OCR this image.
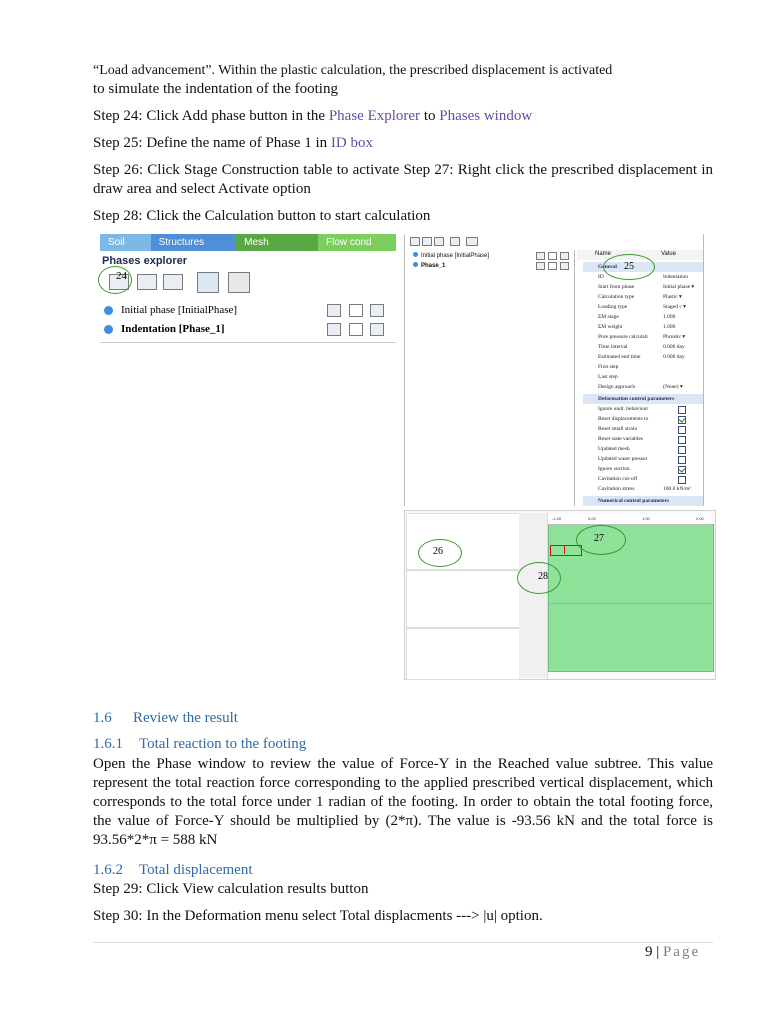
“Load advancement”. Within the plastic calculation, the prescribed displacement is activated
to simulate the indentation of the footing
Step 24: Click Add phase button in the Phase Explorer to Phases window
Step 25: Define the name of Phase 1 in ID box
Step 26: Click Stage Construction table to activate Step 27: Right click the prescribed displacement in draw area and select Activate option
Step 28: Click the Calculation button to start calculation
Soil	Structures	Mesh	Flow cond
Phases explorer
24
Initial phase [InitialPhase]
Indentation [Phase_1]
Initial phase [InitialPhase]
Phase_1
Name	Value
General 25
ID	Indentation
Start from phase	Initial phase ▾
Calculation type	Plastic ▾
Loading type	Staged c ▾
ΣM stage	1.000
ΣM weight	1.000
Pore pressure calculati	Phreatic ▾
Time interval	0.000 day
Estimated end time	0.000 day
First step
Last step
Design approach	(None) ▾
Deformation control parameters
Ignore undr. behaviour
Reset displacements to
Reset small strain
Reset state variables
Updated mesh
Updated water pressur
Ignore suction
Cavitation cut-off
Cavitation stress	100.0 kN/m²
Numerical control parameters
26
-1.00	0.00	1.00	2.00
27
28
1.6 Review the result
1.6.1 Total reaction to the footing
Open the Phase window to review the value of Force-Y in the Reached value subtree. This value represent the total reaction force corresponding to the applied prescribed vertical displacement, which corresponds to the total force under 1 radian of the footing. In order to obtain the total footing force, the value of Force-Y should be multiplied by (2*π). The value is -93.56 kN and the total force is 93.56*2*π = 588 kN
1.6.2 Total displacement
Step 29: Click View calculation results button
Step 30: In the Deformation menu select Total displacments ---> |u| option.
9 | Page
